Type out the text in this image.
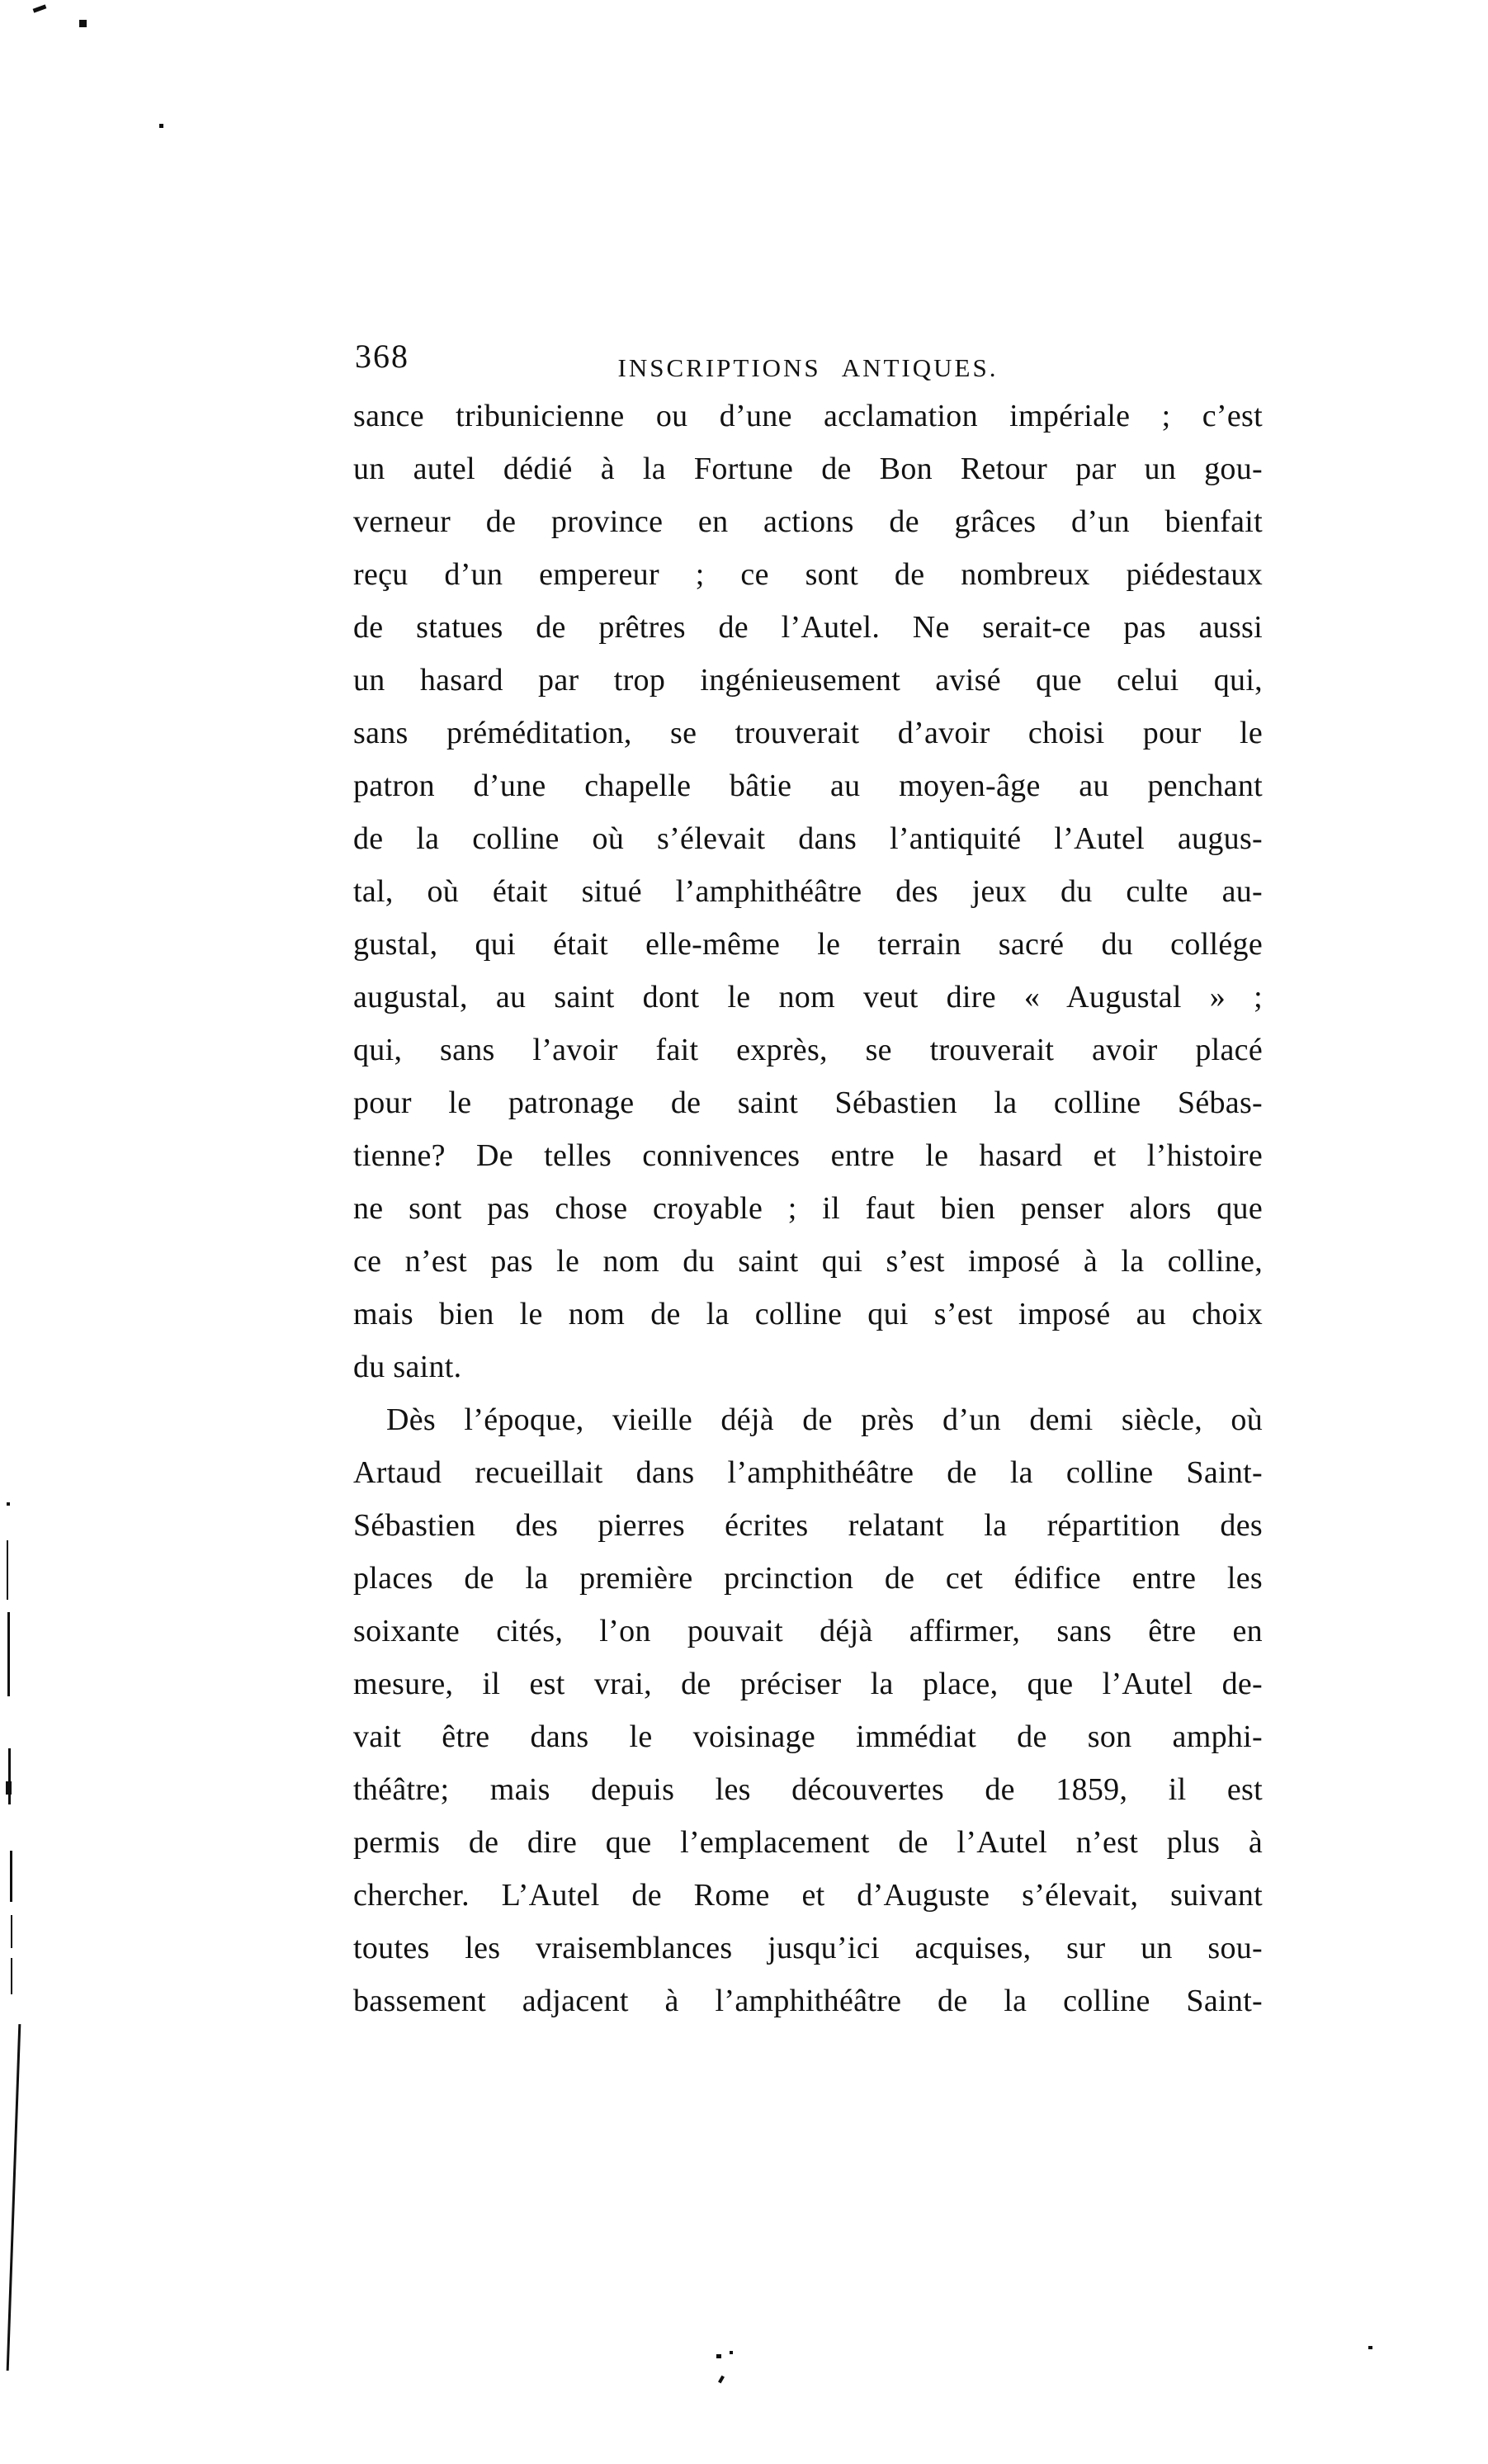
368	INSCRIPTIONS ANTIQUES.
sance tribunicienne ou d’une acclamation impériale ; c’est
un autel dédié à la Fortune de Bon Retour par un gou-
verneur de province en actions de grâces d’un bienfait
reçu d’un empereur ; ce sont de nombreux piédestaux
de statues de prêtres de l’Autel. Ne serait-ce pas aussi
un hasard par trop ingénieusement avisé que celui qui,
sans préméditation, se trouverait d’avoir choisi pour le
patron d’une chapelle bâtie au moyen-âge au penchant
de la colline où s’élevait dans l’antiquité l’Autel augus-
tal, où était situé l’amphithéâtre des jeux du culte au-
gustal, qui était elle-même le terrain sacré du collége
augustal, au saint dont le nom veut dire « Augustal » ;
qui, sans l’avoir fait exprès, se trouverait avoir placé
pour le patronage de saint Sébastien la colline Sébas-
tienne? De telles connivences entre le hasard et l’histoire
ne sont pas chose croyable ; il faut bien penser alors que
ce n’est pas le nom du saint qui s’est imposé à la colline,
mais bien le nom de la colline qui s’est imposé au choix
du saint.
Dès l’époque, vieille déjà de près d’un demi siècle, où
Artaud recueillait dans l’amphithéâtre de la colline Saint-
Sébastien des pierres écrites relatant la répartition des
places de la première prcinction de cet édifice entre les
soixante cités, l’on pouvait déjà affirmer, sans être en
mesure, il est vrai, de préciser la place, que l’Autel de-
vait être dans le voisinage immédiat de son amphi-
théâtre; mais depuis les découvertes de 1859, il est
permis de dire que l’emplacement de l’Autel n’est plus à
chercher. L’Autel de Rome et d’Auguste s’élevait, suivant
toutes les vraisemblances jusqu’ici acquises, sur un sou-
bassement adjacent à l’amphithéâtre de la colline Saint-
